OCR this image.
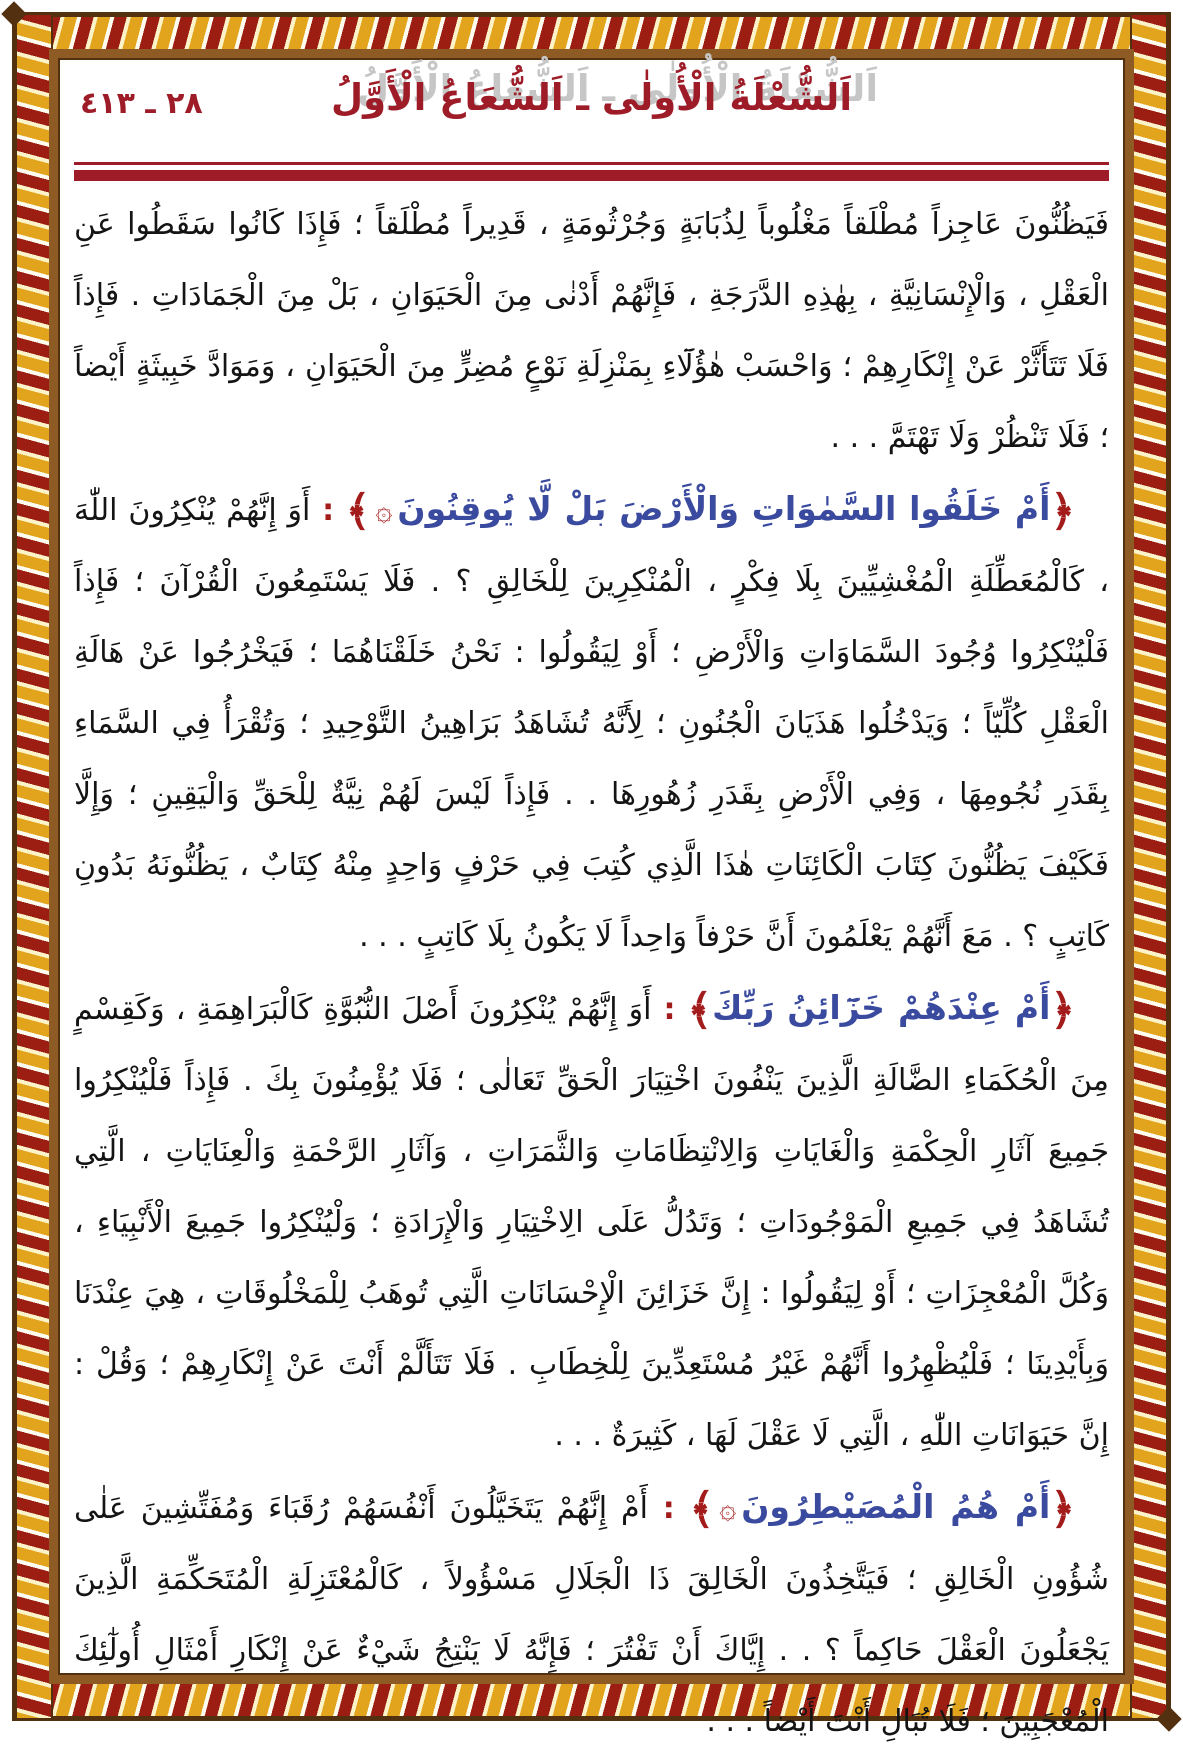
٢٨ ـ ٤١٣	اَلشُّعْلَةُ الْأُولٰى ـ اَلشُّعَاعُ الْأَوَّلُ

فَيَظُنُّونَ عَاجِزاً مُطْلَقاً مَغْلُوباً لِذُبَابَةٍ وَجُرْثُومَةٍ ، قَدِيراً مُطْلَقاً ؛ فَإِذَا كَانُوا سَقَطُوا عَنِ الْعَقْلِ ، وَالْإِنْسَانِيَّةِ ، بِهٰذِهِ الدَّرَجَةِ ، فَإِنَّهُمْ أَدْنٰى مِنَ الْحَيَوَانِ ، بَلْ مِنَ الْجَمَادَاتِ . فَإِذاً فَلَا تَتَأَثَّرْ عَنْ إِنْكَارِهِمْ ؛ وَاحْسَبْ هٰؤُلَٓاءِ بِمَنْزِلَةِ نَوْعٍ مُضِرٍّ مِنَ الْحَيَوَانِ ، وَمَوَادَّ خَبِيثَةٍ أَيْضاً ؛ فَلَا تَنْظُرْ وَلَا تَهْتَمَّ . . .

﴿أَمْ خَلَقُوا السَّمٰوَاتِ وَالْأَرْضَ بَلْ لَّا يُوقِنُونَ۞﴾ : أَوَ إِنَّهُمْ يُنْكِرُونَ اللّٰهَ ، كَالْمُعَطِّلَةِ الْمُغْشِيِّينَ بِلَا فِكْرٍ ، الْمُنْكِرِينَ لِلْخَالِقِ ؟ . فَلَا يَسْتَمِعُونَ الْقُرْآنَ ؛ فَإِذاً فَلْيُنْكِرُوا وُجُودَ السَّمَاوَاتِ وَالْأَرْضِ ؛ أَوْ لِيَقُولُوا : نَحْنُ خَلَقْنَاهُمَا ؛ فَيَخْرُجُوا عَنْ هَالَةِ الْعَقْلِ كُلِّيّاً ؛ وَيَدْخُلُوا هَذَيَانَ الْجُنُونِ ؛ لِأَنَّهُ تُشَاهَدُ بَرَاهِينُ التَّوْحِيدِ ؛ وَتُقْرَأُ فِي السَّمَاءِ بِقَدَرِ نُجُومِهَا ، وَفِي الْأَرْضِ بِقَدَرِ زُهُورِهَا . . فَإِذاً لَيْسَ لَهُمْ نِيَّةٌ لِلْحَقِّ وَالْيَقِينِ ؛ وَإِلَّا فَكَيْفَ يَظُنُّونَ كِتَابَ الْكَائِنَاتِ هٰذَا الَّذِي كُتِبَ فِي حَرْفٍ وَاحِدٍ مِنْهُ كِتَابٌ ، يَظُنُّونَهُ بَدُونِ كَاتِبٍ ؟ . مَعَ أَنَّهُمْ يَعْلَمُونَ أَنَّ حَرْفاً وَاحِداً لَا يَكُونُ بِلَا كَاتِبٍ . . .

﴿أَمْ عِنْدَهُمْ خَزَٓائِنُ رَبِّكَ﴾ : أَوَ إِنَّهُمْ يُنْكِرُونَ أَصْلَ النُّبُوَّةِ كَالْبَرَاهِمَةِ ، وَكَقِسْمٍ مِنَ الْحُكَمَاءِ الضَّالَةِ الَّذِينَ يَنْفُونَ اخْتِيَارَ الْحَقِّ تَعَالٰى ؛ فَلَا يُؤْمِنُونَ بِكَ . فَإِذاً فَلْيُنْكِرُوا جَمِيعَ آثَارِ الْحِكْمَةِ وَالْغَايَاتِ وَالِانْتِظَامَاتِ وَالثَّمَرَاتِ ، وَآثَارِ الرَّحْمَةِ وَالْعِنَايَاتِ ، الَّتِي تُشَاهَدُ فِي جَمِيعِ الْمَوْجُودَاتِ ؛ وَتَدُلُّ عَلَى الِاخْتِيَارِ وَالْإِرَادَةِ ؛ وَلْيُنْكِرُوا جَمِيعَ الْأَنْبِيَاءِ ، وَكُلَّ الْمُعْجِزَاتِ ؛ أَوْ لِيَقُولُوا : إِنَّ خَزَائِنَ الْإِحْسَانَاتِ الَّتِي تُوهَبُ لِلْمَخْلُوقَاتِ ، هِيَ عِنْدَنَا وَبِأَيْدِينَا ؛ فَلْيُظْهِرُوا أَنَّهُمْ غَيْرُ مُسْتَعِدِّينَ لِلْخِطَابِ . فَلَا تَتَأَلَّمْ أَنْتَ عَنْ إِنْكَارِهِمْ ؛ وَقُلْ : إِنَّ حَيَوَانَاتِ اللّٰهِ ، الَّتِي لَا عَقْلَ لَهَا ، كَثِيرَةٌ . . .

﴿أَمْ هُمُ الْمُصَيْطِرُونَ۞﴾ : أَمْ إِنَّهُمْ يَتَخَيَّلُونَ أَنْفُسَهُمْ رُقَبَاءَ وَمُفَتِّشِينَ عَلٰى شُؤُونِ الْخَالِقِ ؛ فَيَتَّخِذُونَ الْخَالِقَ ذَا الْجَلَالِ مَسْؤُولاً ، كَالْمُعْتَزِلَةِ الْمُتَحَكِّمَةِ الَّذِينَ يَجْعَلُونَ الْعَقْلَ حَاكِماً ؟ . . إِيَّاكَ أَنْ تَفْتُرَ ؛ فَإِنَّهُ لَا يَنْتِجُ شَيْءٌ عَنْ إِنْكَارِ أَمْثَالِ أُولٰٓئِكَ الْمُعْجَبِينَ ؛ فَلَا تُبَالِ أَنْتَ أَيْضاً . . .
